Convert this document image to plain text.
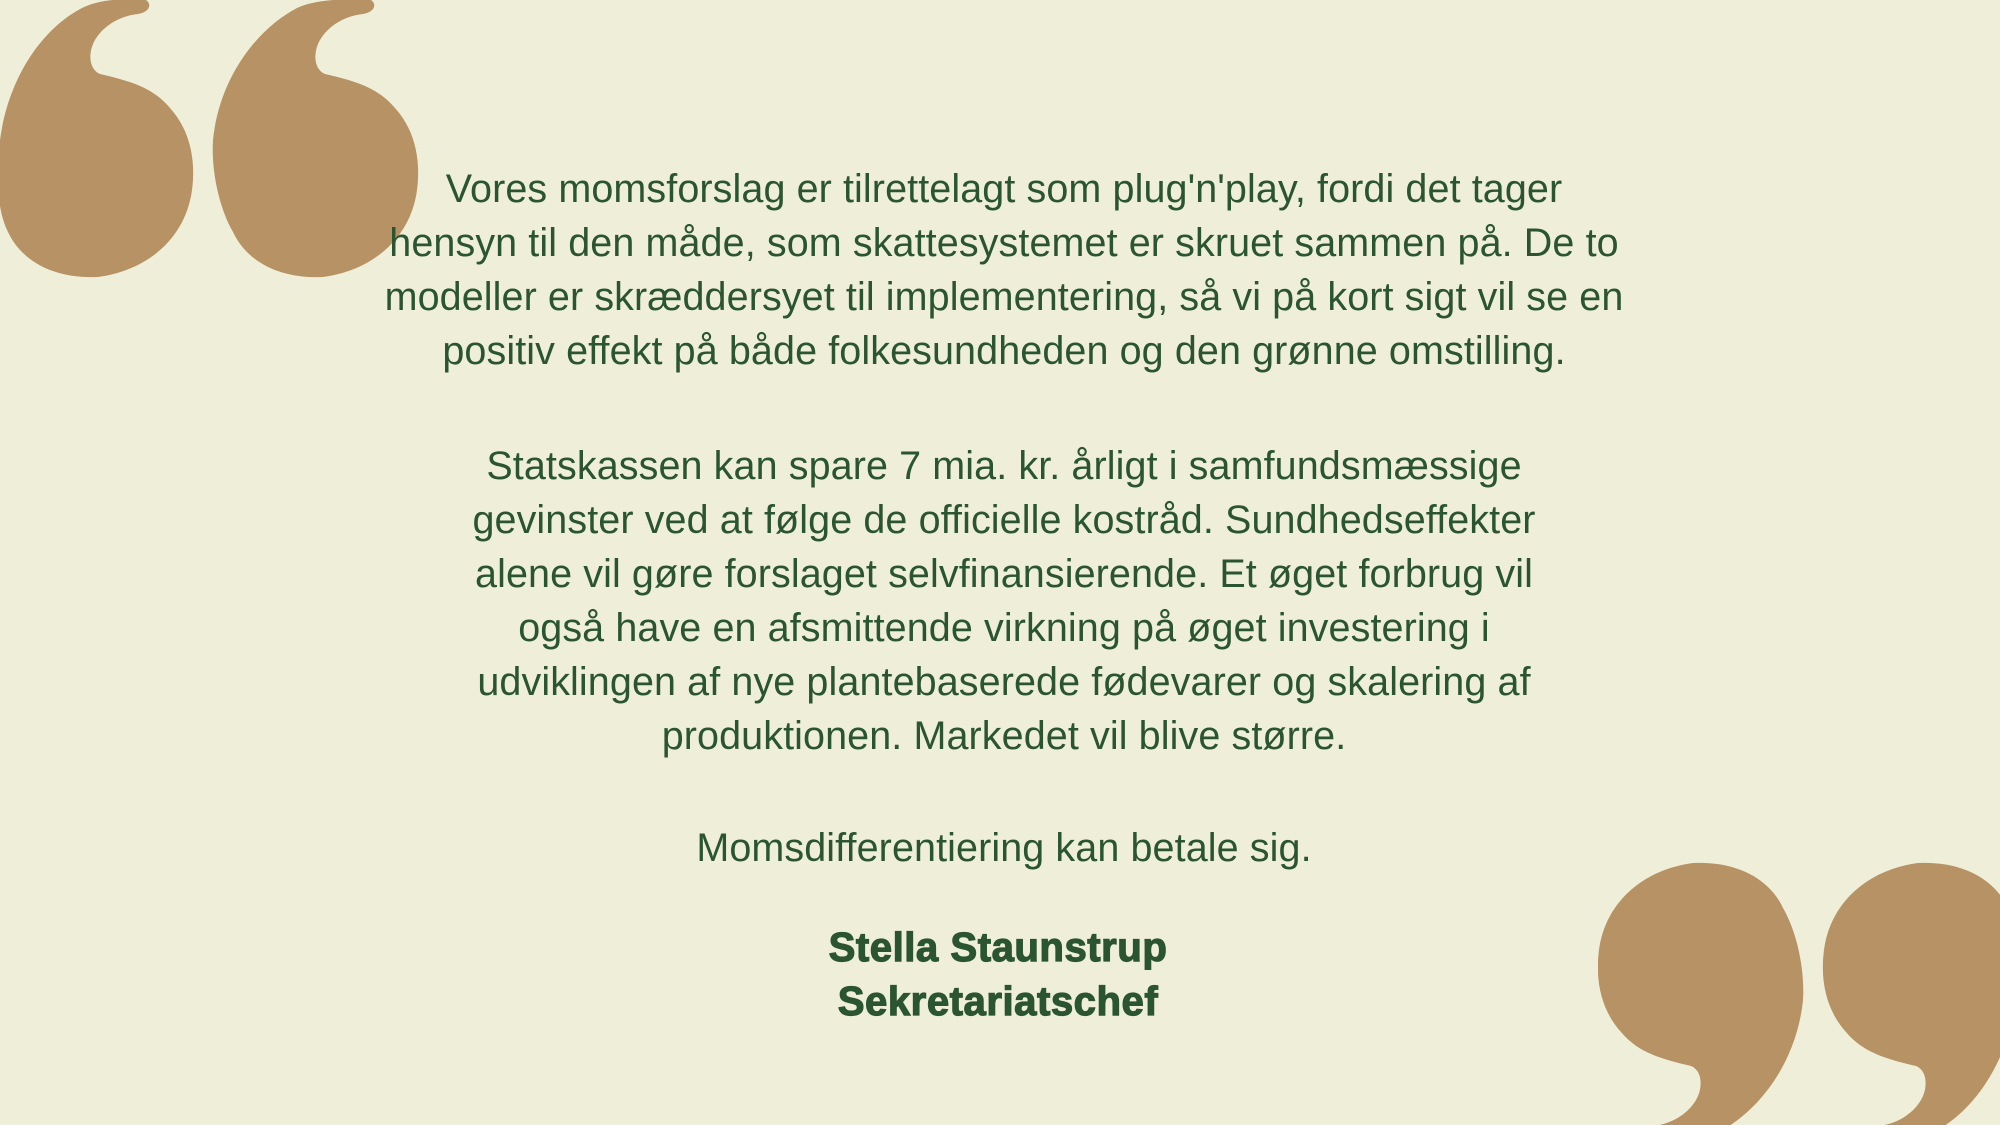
Vores momsforslag er tilrettelagt som plug'n'play, fordi det tager
hensyn til den måde, som skattesystemet er skruet sammen på. De to
modeller er skræddersyet til implementering, så vi på kort sigt vil se en
positiv effekt på både folkesundheden og den grønne omstilling.
Statskassen kan spare 7 mia. kr. årligt i samfundsmæssige
gevinster ved at følge de officielle kostråd. Sundhedseffekter
alene vil gøre forslaget selvfinansierende. Et øget forbrug vil
også have en afsmittende virkning på øget investering i
udviklingen af nye plantebaserede fødevarer og skalering af
produktionen. Markedet vil blive større.
Momsdifferentiering kan betale sig.
Stella Staunstrup
Sekretariatschef
